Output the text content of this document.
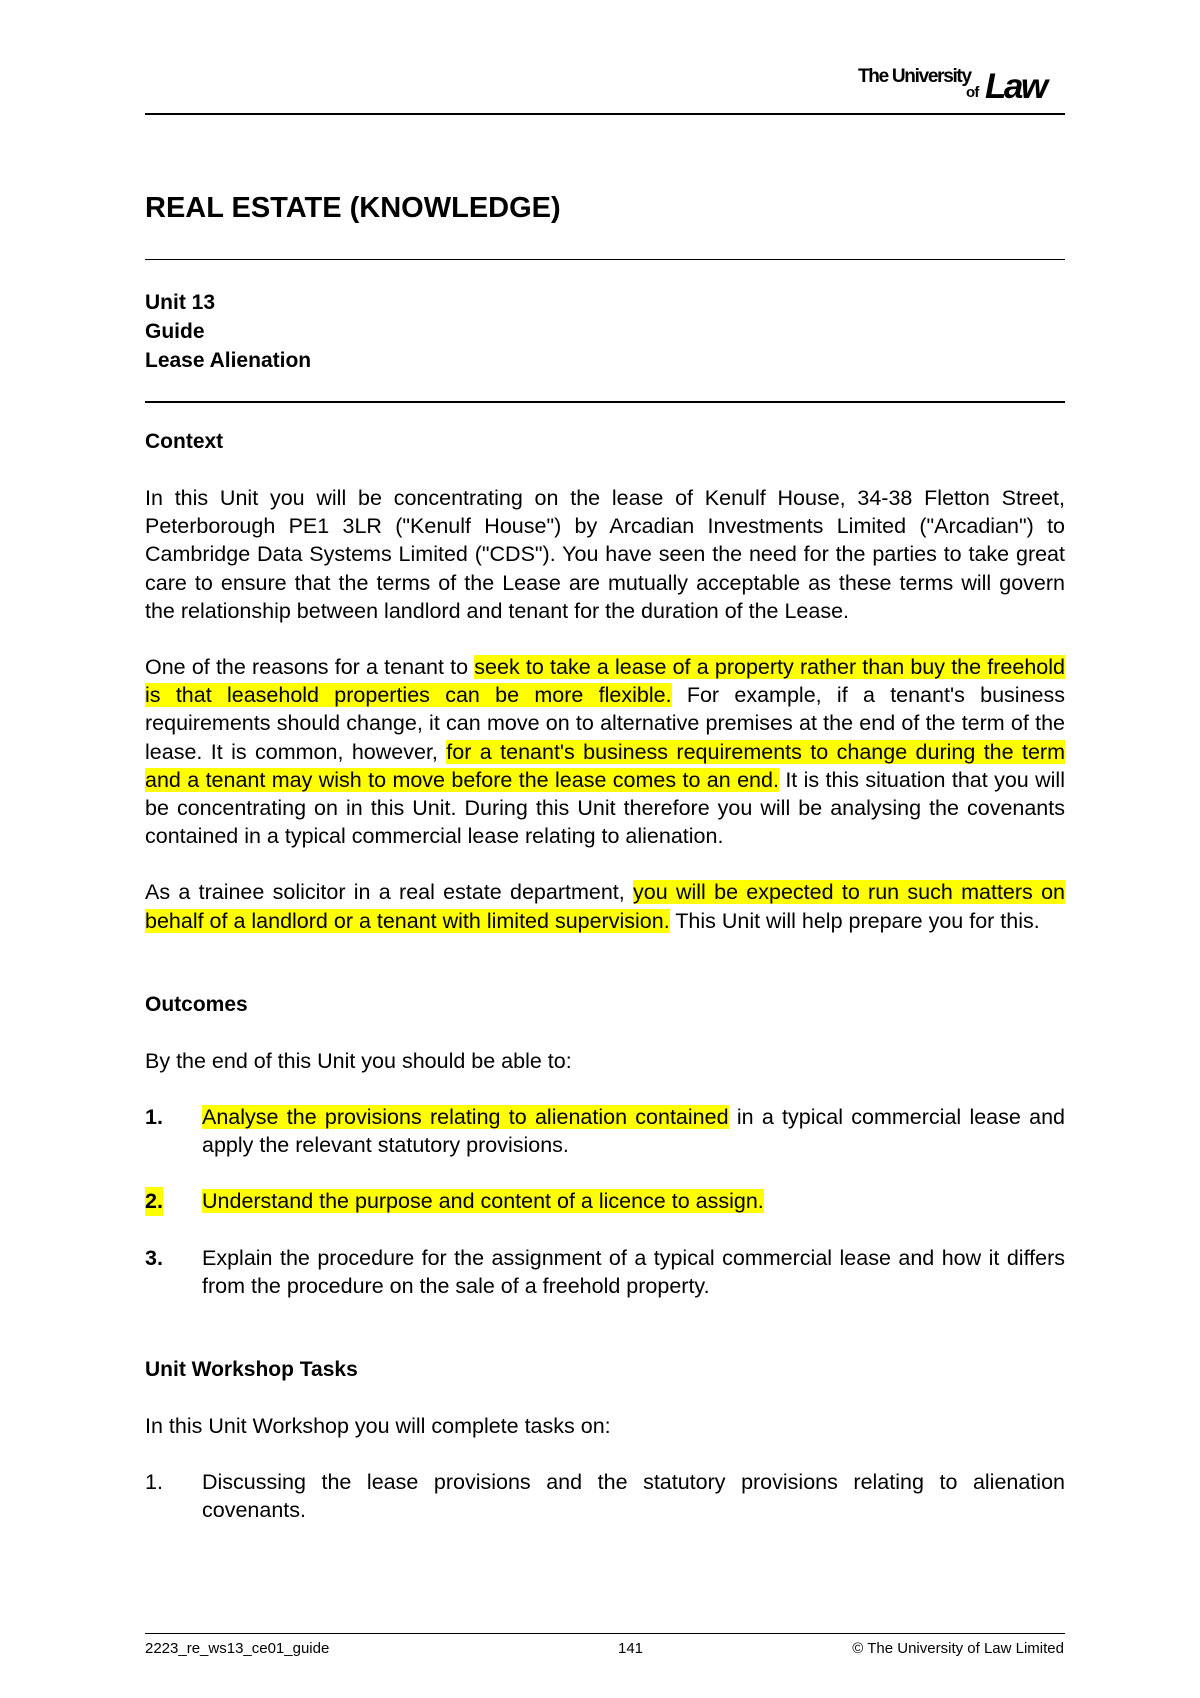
The University
of Law
REAL ESTATE (KNOWLEDGE)
Unit 13
Guide
Lease Alienation
Context

In this Unit you will be concentrating on the lease of Kenulf House, 34-38 Fletton Street, Peterborough PE1 3LR ("Kenulf House") by Arcadian Investments Limited ("Arcadian") to Cambridge Data Systems Limited ("CDS"). You have seen the need for the parties to take great care to ensure that the terms of the Lease are mutually acceptable as these terms will govern the relationship between landlord and tenant for the duration of the Lease.

One of the reasons for a tenant to seek to take a lease of a property rather than buy the freehold is that leasehold properties can be more flexible. For example, if a tenant's business requirements should change, it can move on to alternative premises at the end of the term of the lease. It is common, however, for a tenant's business requirements to change during the term and a tenant may wish to move before the lease comes to an end. It is this situation that you will be concentrating on in this Unit. During this Unit therefore you will be analysing the covenants contained in a typical commercial lease relating to alienation.

As a trainee solicitor in a real estate department, you will be expected to run such matters on behalf of a landlord or a tenant with limited supervision. This Unit will help prepare you for this.

Outcomes

By the end of this Unit you should be able to:

1. Analyse the provisions relating to alienation contained in a typical commercial lease and apply the relevant statutory provisions.
2. Understand the purpose and content of a licence to assign.
3. Explain the procedure for the assignment of a typical commercial lease and how it differs from the procedure on the sale of a freehold property.
Unit Workshop Tasks

In this Unit Workshop you will complete tasks on:

1. Discussing the lease provisions and the statutory provisions relating to alienation covenants.
2223_re_ws13_ce01_guide	141	© The University of Law Limited
